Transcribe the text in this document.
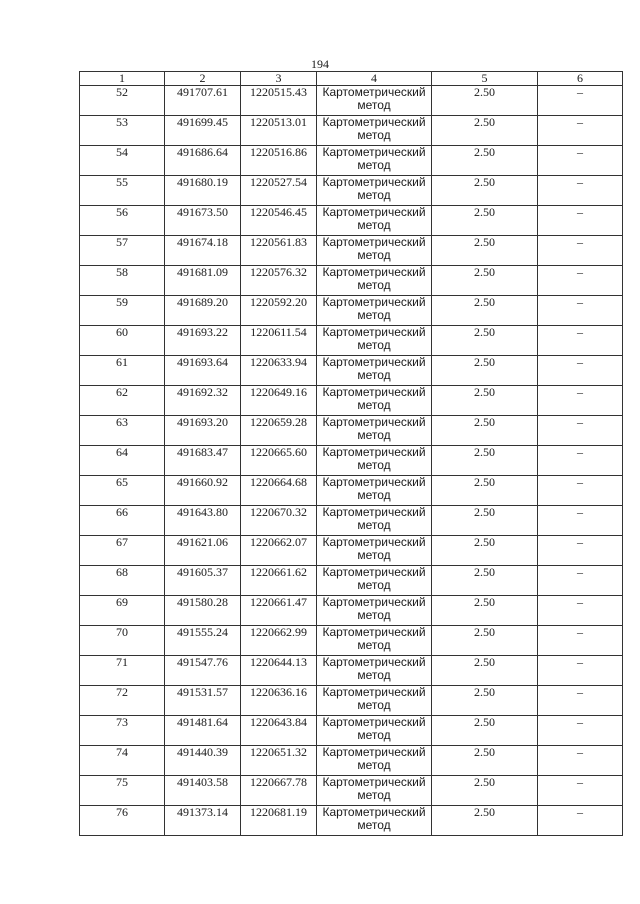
194
1	2	3	4	5	6
52	491707.61	1220515.43	Картометрический метод	2.50	–
53	491699.45	1220513.01	Картометрический метод	2.50	–
54	491686.64	1220516.86	Картометрический метод	2.50	–
55	491680.19	1220527.54	Картометрический метод	2.50	–
56	491673.50	1220546.45	Картометрический метод	2.50	–
57	491674.18	1220561.83	Картометрический метод	2.50	–
58	491681.09	1220576.32	Картометрический метод	2.50	–
59	491689.20	1220592.20	Картометрический метод	2.50	–
60	491693.22	1220611.54	Картометрический метод	2.50	–
61	491693.64	1220633.94	Картометрический метод	2.50	–
62	491692.32	1220649.16	Картометрический метод	2.50	–
63	491693.20	1220659.28	Картометрический метод	2.50	–
64	491683.47	1220665.60	Картометрический метод	2.50	–
65	491660.92	1220664.68	Картометрический метод	2.50	–
66	491643.80	1220670.32	Картометрический метод	2.50	–
67	491621.06	1220662.07	Картометрический метод	2.50	–
68	491605.37	1220661.62	Картометрический метод	2.50	–
69	491580.28	1220661.47	Картометрический метод	2.50	–
70	491555.24	1220662.99	Картометрический метод	2.50	–
71	491547.76	1220644.13	Картометрический метод	2.50	–
72	491531.57	1220636.16	Картометрический метод	2.50	–
73	491481.64	1220643.84	Картометрический метод	2.50	–
74	491440.39	1220651.32	Картометрический метод	2.50	–
75	491403.58	1220667.78	Картометрический метод	2.50	–
76	491373.14	1220681.19	Картометрический метод	2.50	–
